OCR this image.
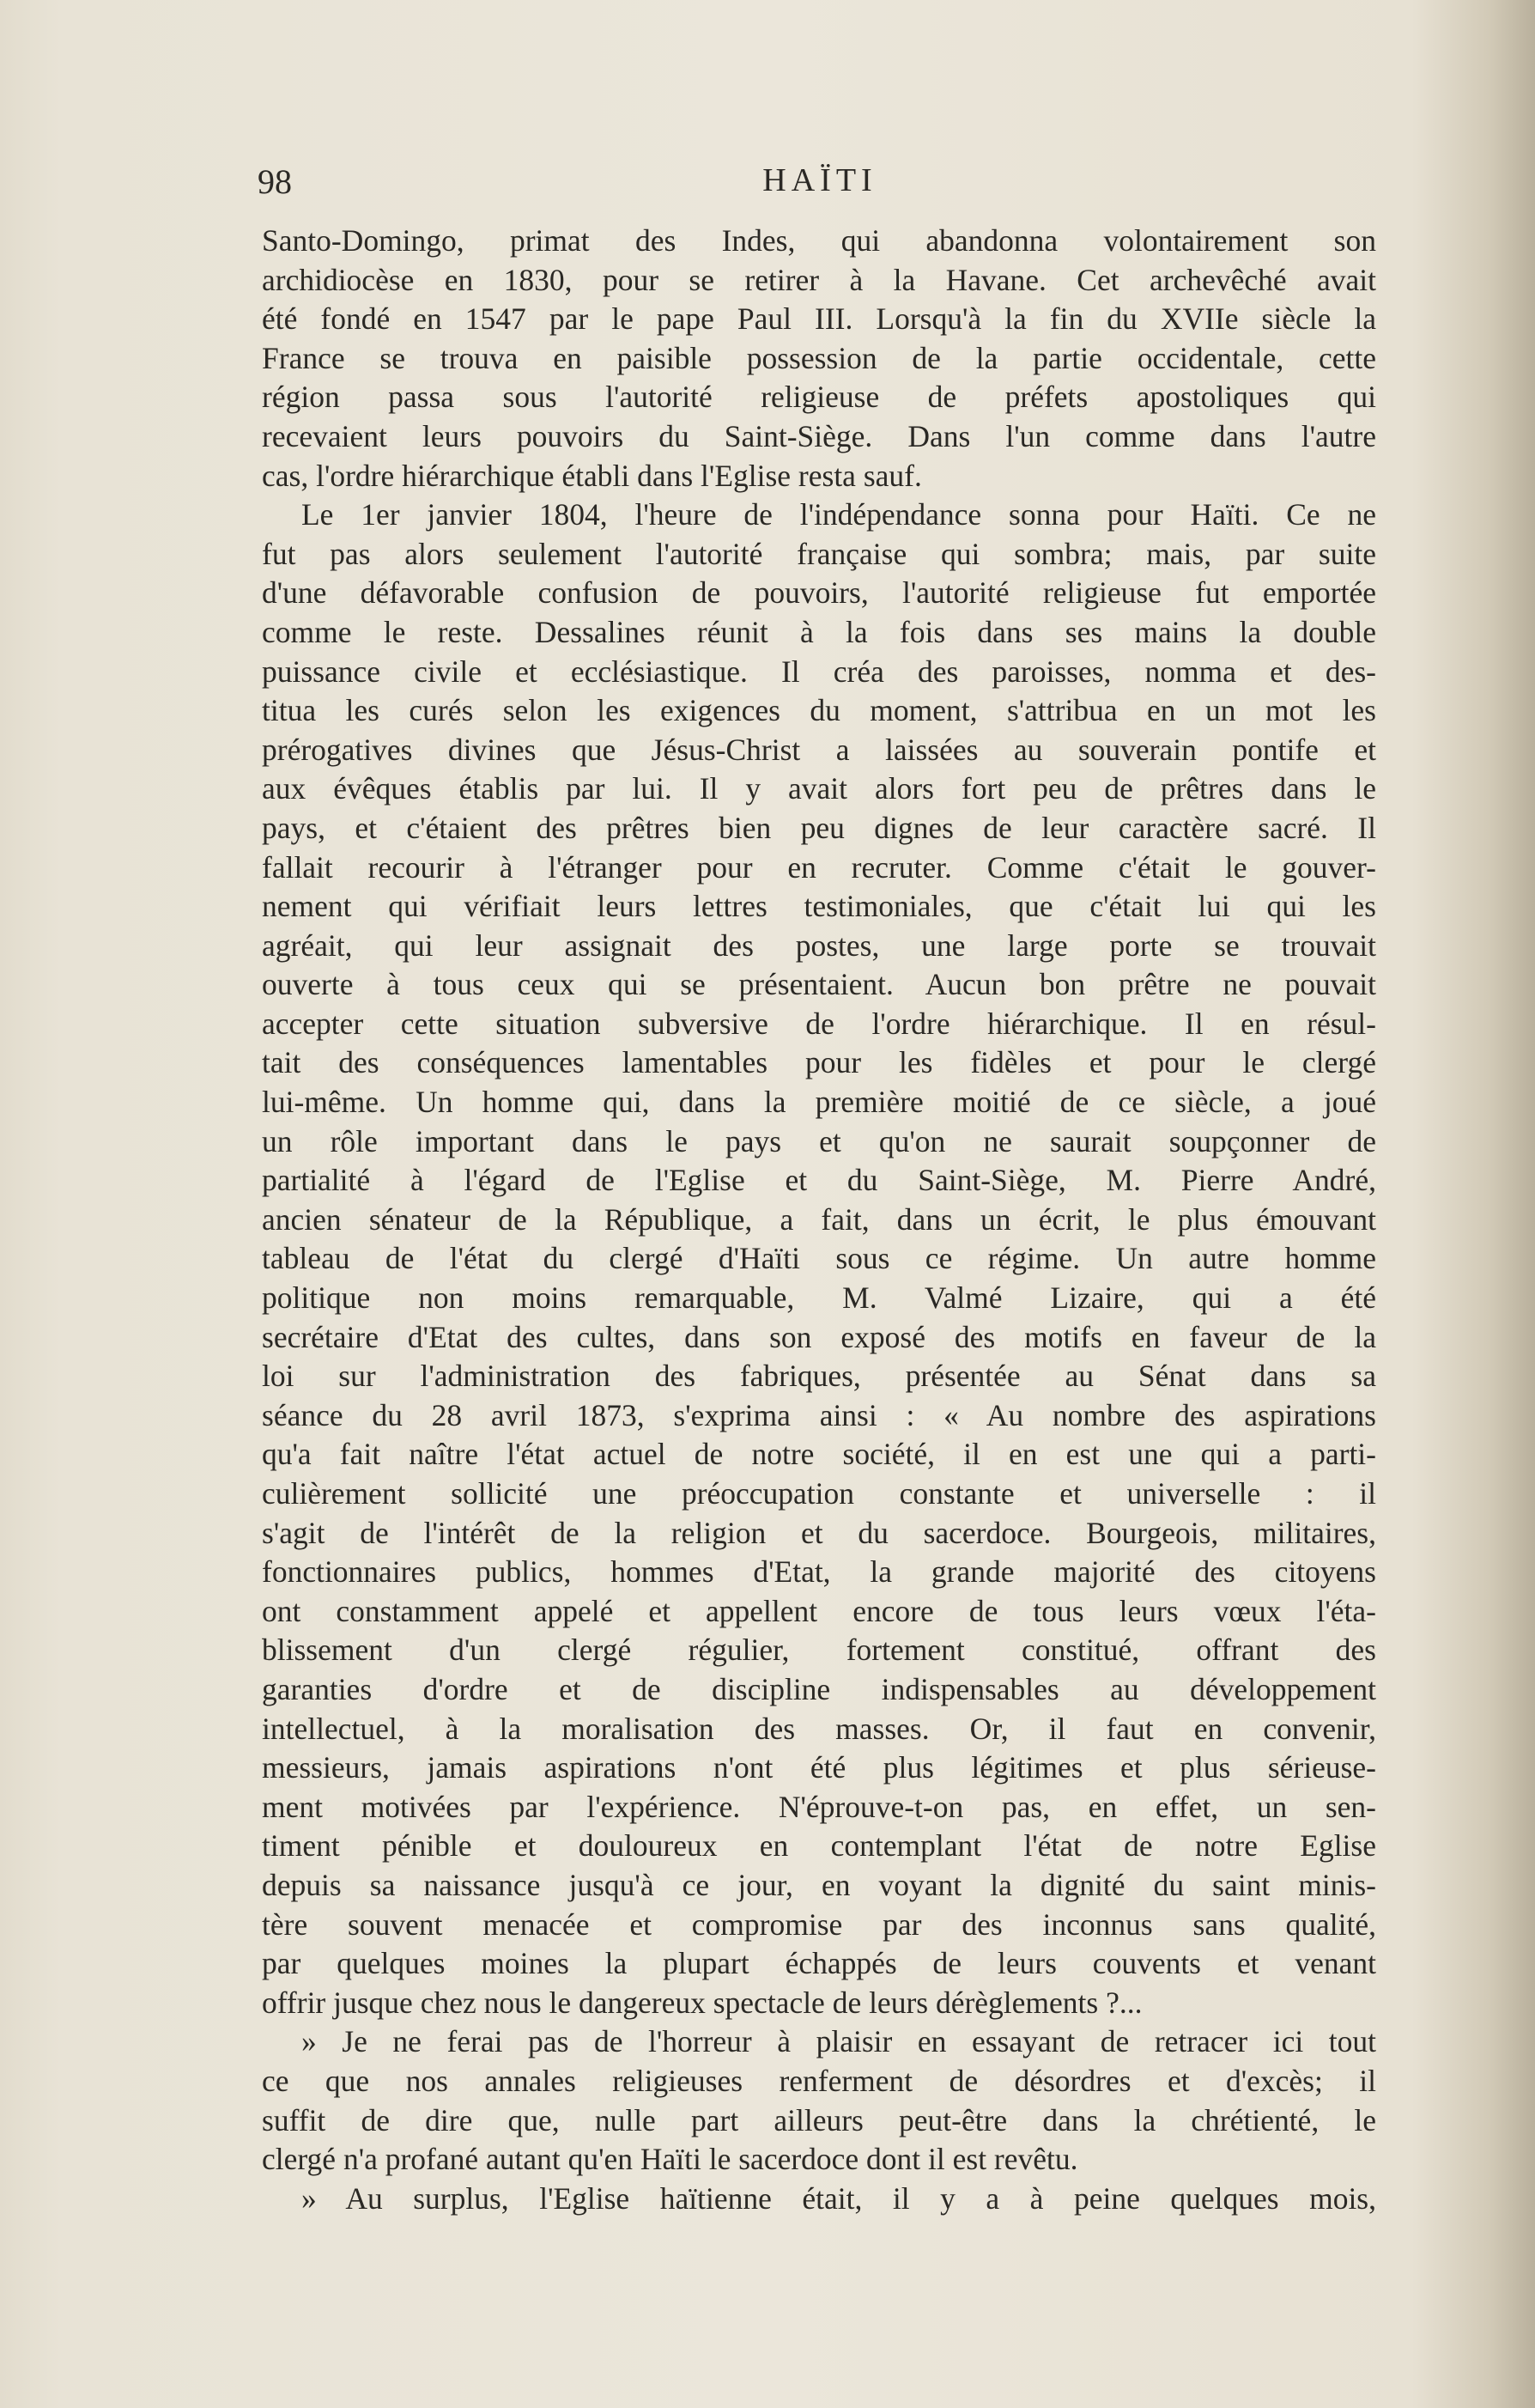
98	HAÏTI

Santo-Domingo, primat des Indes, qui abandonna volontairement son
archidiocèse en 1830, pour se retirer à la Havane. Cet archevêché avait
été fondé en 1547 par le pape Paul III. Lorsqu'à la fin du XVIIe siècle la
France se trouva en paisible possession de la partie occidentale, cette
région passa sous l'autorité religieuse de préfets apostoliques qui
recevaient leurs pouvoirs du Saint-Siège. Dans l'un comme dans l'autre
cas, l'ordre hiérarchique établi dans l'Eglise resta sauf.

Le 1er janvier 1804, l'heure de l'indépendance sonna pour Haïti. Ce ne
fut pas alors seulement l'autorité française qui sombra; mais, par suite
d'une défavorable confusion de pouvoirs, l'autorité religieuse fut emportée
comme le reste. Dessalines réunit à la fois dans ses mains la double
puissance civile et ecclésiastique. Il créa des paroisses, nomma et des-
titua les curés selon les exigences du moment, s'attribua en un mot les
prérogatives divines que Jésus-Christ a laissées au souverain pontife et
aux évêques établis par lui. Il y avait alors fort peu de prêtres dans le
pays, et c'étaient des prêtres bien peu dignes de leur caractère sacré. Il
fallait recourir à l'étranger pour en recruter. Comme c'était le gouver-
nement qui vérifiait leurs lettres testimoniales, que c'était lui qui les
agréait, qui leur assignait des postes, une large porte se trouvait
ouverte à tous ceux qui se présentaient. Aucun bon prêtre ne pouvait
accepter cette situation subversive de l'ordre hiérarchique. Il en résul-
tait des conséquences lamentables pour les fidèles et pour le clergé
lui-même. Un homme qui, dans la première moitié de ce siècle, a joué
un rôle important dans le pays et qu'on ne saurait soupçonner de
partialité à l'égard de l'Eglise et du Saint-Siège, M. Pierre André,
ancien sénateur de la République, a fait, dans un écrit, le plus émouvant
tableau de l'état du clergé d'Haïti sous ce régime. Un autre homme
politique non moins remarquable, M. Valmé Lizaire, qui a été
secrétaire d'Etat des cultes, dans son exposé des motifs en faveur de la
loi sur l'administration des fabriques, présentée au Sénat dans sa
séance du 28 avril 1873, s'exprima ainsi : « Au nombre des aspirations
qu'a fait naître l'état actuel de notre société, il en est une qui a parti-
culièrement sollicité une préoccupation constante et universelle : il
s'agit de l'intérêt de la religion et du sacerdoce. Bourgeois, militaires,
fonctionnaires publics, hommes d'Etat, la grande majorité des citoyens
ont constamment appelé et appellent encore de tous leurs vœux l'éta-
blissement d'un clergé régulier, fortement constitué, offrant des
garanties d'ordre et de discipline indispensables au développement
intellectuel, à la moralisation des masses. Or, il faut en convenir,
messieurs, jamais aspirations n'ont été plus légitimes et plus sérieuse-
ment motivées par l'expérience. N'éprouve-t-on pas, en effet, un sen-
timent pénible et douloureux en contemplant l'état de notre Eglise
depuis sa naissance jusqu'à ce jour, en voyant la dignité du saint minis-
tère souvent menacée et compromise par des inconnus sans qualité,
par quelques moines la plupart échappés de leurs couvents et venant
offrir jusque chez nous le dangereux spectacle de leurs dérèglements ?...

» Je ne ferai pas de l'horreur à plaisir en essayant de retracer ici tout
ce que nos annales religieuses renferment de désordres et d'excès; il
suffit de dire que, nulle part ailleurs peut-être dans la chrétienté, le
clergé n'a profané autant qu'en Haïti le sacerdoce dont il est revêtu.

» Au surplus, l'Eglise haïtienne était, il y a à peine quelques mois,
